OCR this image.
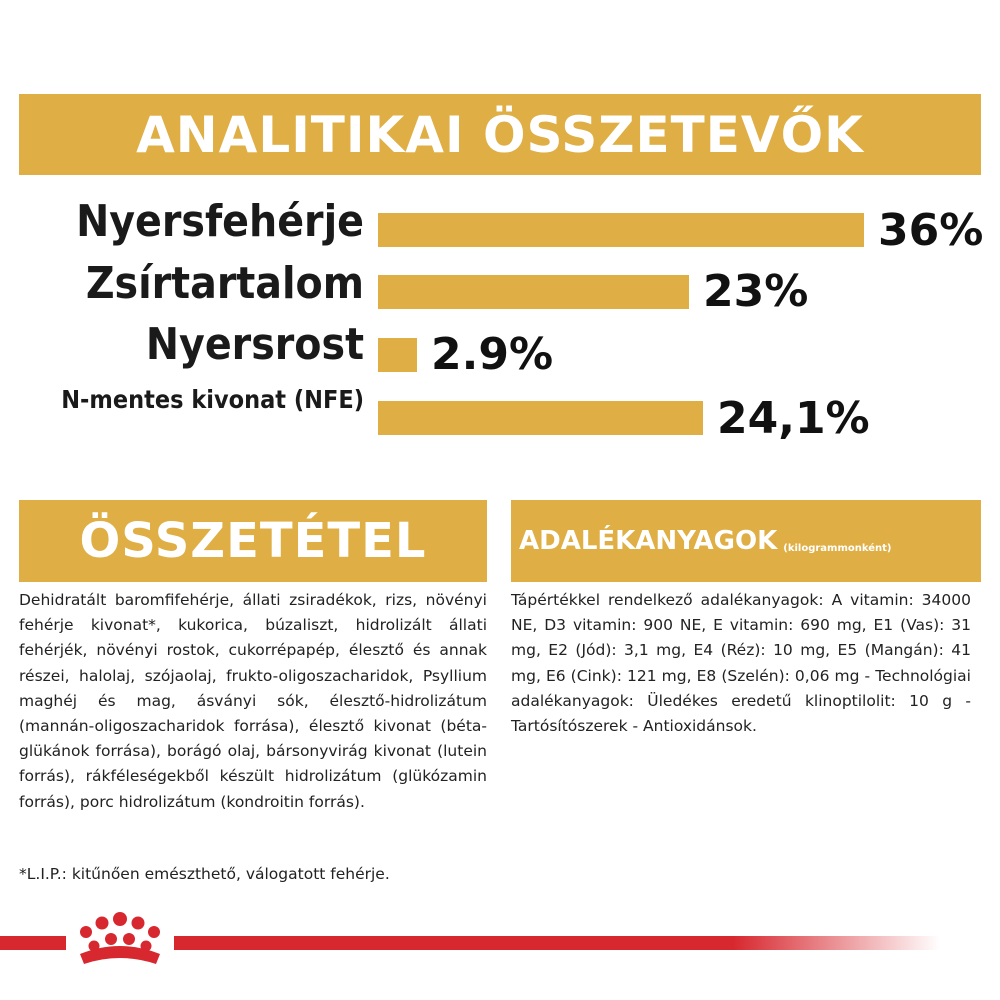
ANALITIKAI ÖSSZETEVŐK
Nyersfehérje	36%
Zsírtartalom	23%
Nyersrost 2.9%
N-mentes kivonat (NFE)	24,1%
ÖSSZETÉTEL	ADALÉKANYAGOK (kilogrammonként)
Dehidratált baromfifehérje, állati zsiradékok, rizs, növényi fehérje kivonat*, kukorica, búzaliszt, hidrolizált állati fehérjék, növényi rostok, cukorrépapép, élesztő és annak részei, halolaj, szójaolaj, frukto-oligoszacharidok, Psyllium maghéj és mag, ásványi sók, élesztő-hidrolizátum (mannán-oligoszacharidok forrása), élesztő kivonat (béta-glükánok forrása), borágó olaj, bársonyvirág kivonat (lutein forrás), rákféleségekből készült hidrolizátum (glükózamin forrás), porc hidrolizátum (kondroitin forrás).
*L.I.P.: kitűnően emészthető, válogatott fehérje.
Tápértékkel rendelkező adalékanyagok: A vitamin: 34000 NE, D3 vitamin: 900 NE, E vitamin: 690 mg, E1 (Vas): 31 mg, E2 (Jód): 3,1 mg, E4 (Réz): 10 mg, E5 (Mangán): 41 mg, E6 (Cink): 121 mg, E8 (Szelén): 0,06 mg - Technológiai adalékanyagok: Üledékes eredetű klinoptilolit: 10 g - Tartósítószerek - Antioxidánsok.
